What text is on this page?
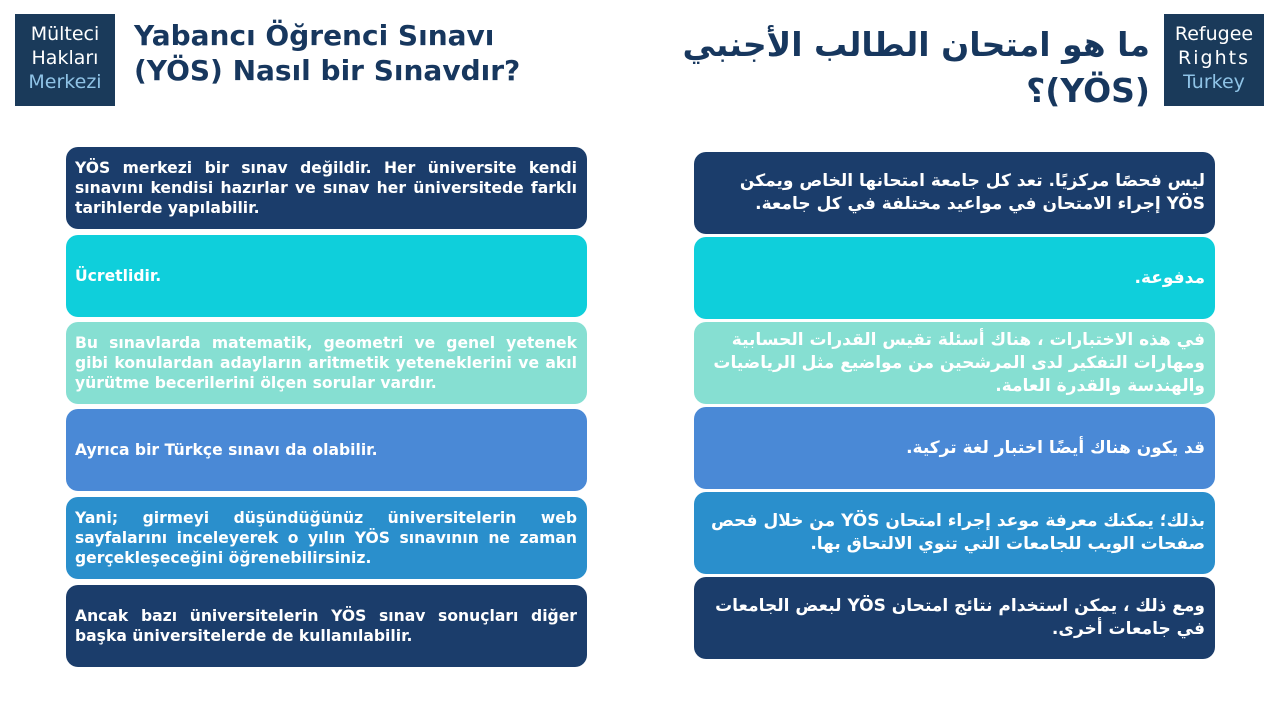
Mülteci
Hakları
Merkezi
Yabancı Öğrenci Sınavı
(YÖS) Nasıl bir Sınavdır?
ما هو امتحان الطالب الأجنبي
(YÖS)؟
Refugee
Rights
Turkey

YÖS merkezi bir sınav değildir. Her üniversite kendi sınavını kendisi hazırlar ve sınav her üniversitede farklı tarihlerde yapılabilir.

Ücretlidir.

Bu sınavlarda matematik, geometri ve genel yetenek gibi konulardan adayların aritmetik yeteneklerini ve akıl yürütme becerilerini ölçen sorular vardır.

Ayrıca bir Türkçe sınavı da olabilir.

Yani; girmeyi düşündüğünüz üniversitelerin web sayfalarını inceleyerek o yılın YÖS sınavının ne zaman gerçekleşeceğini öğrenebilirsiniz.

Ancak bazı üniversitelerin YÖS sınav sonuçları diğer başka üniversitelerde de kullanılabilir.

ليس فحصًا مركزيًا. تعد كل جامعة امتحانها الخاص ويمكن YÖS إجراء الامتحان في مواعيد مختلفة في كل جامعة.

مدفوعة.

في هذه الاختبارات ، هناك أسئلة تقيس القدرات الحسابية ومهارات التفكير لدى المرشحين من مواضيع مثل الرياضيات والهندسة والقدرة العامة.

قد يكون هناك أيضًا اختبار لغة تركية.

بذلك؛ يمكنك معرفة موعد إجراء امتحان YÖS من خلال فحص صفحات الويب للجامعات التي تنوي الالتحاق بها.

ومع ذلك ، يمكن استخدام نتائج امتحان YÖS لبعض الجامعات في جامعات أخرى.
